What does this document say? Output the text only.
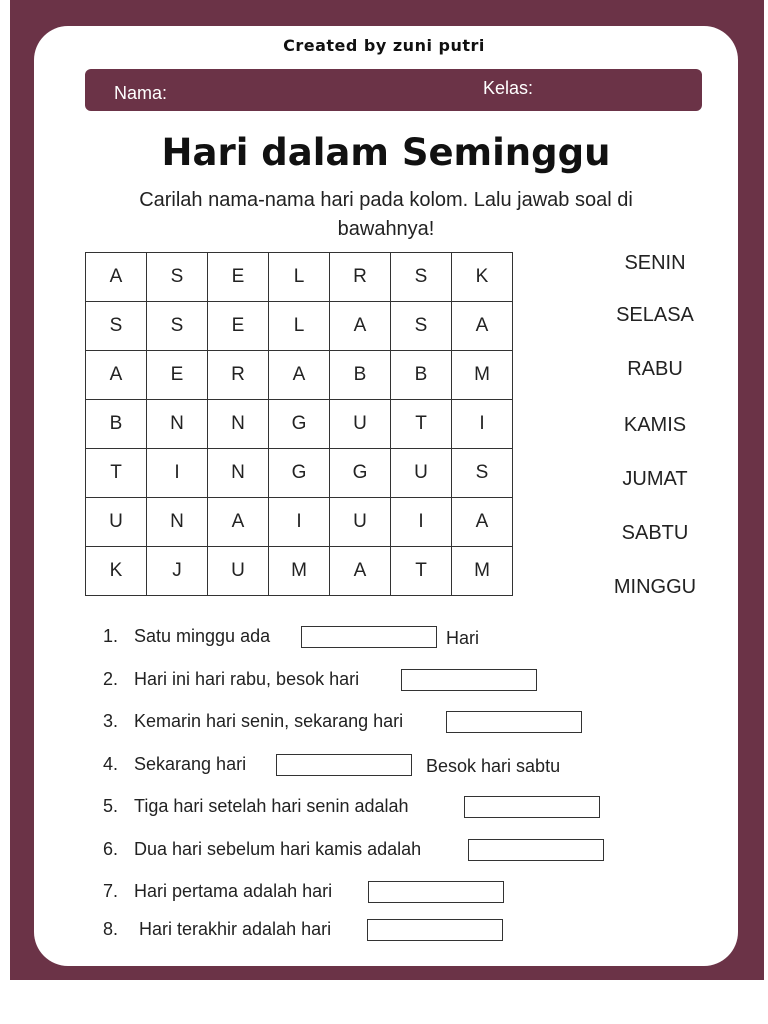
Created by zuni putri
Nama:	Kelas:
Hari dalam Seminggu
Carilah nama-nama hari pada kolom. Lalu jawab soal di bawahnya!
A	S	E	L	R	S	K
S	S	E	L	A	S	A
A	E	R	A	B	B	M
B	N	N	G	U	T	I
T	I	N	G	G	U	S
U	N	A	I	U	I	A
K	J	U	M	A	T	M
SENIN
SELASA
RABU
KAMIS
JUMAT
SABTU
MINGGU
1. Satu minggu ada	Hari
2. Hari ini hari rabu, besok hari
3. Kemarin hari senin, sekarang hari
4. Sekarang hari	Besok hari sabtu
5. Tiga hari setelah hari senin adalah
6. Dua hari sebelum hari kamis adalah
7. Hari pertama adalah hari
8. Hari terakhir adalah hari
